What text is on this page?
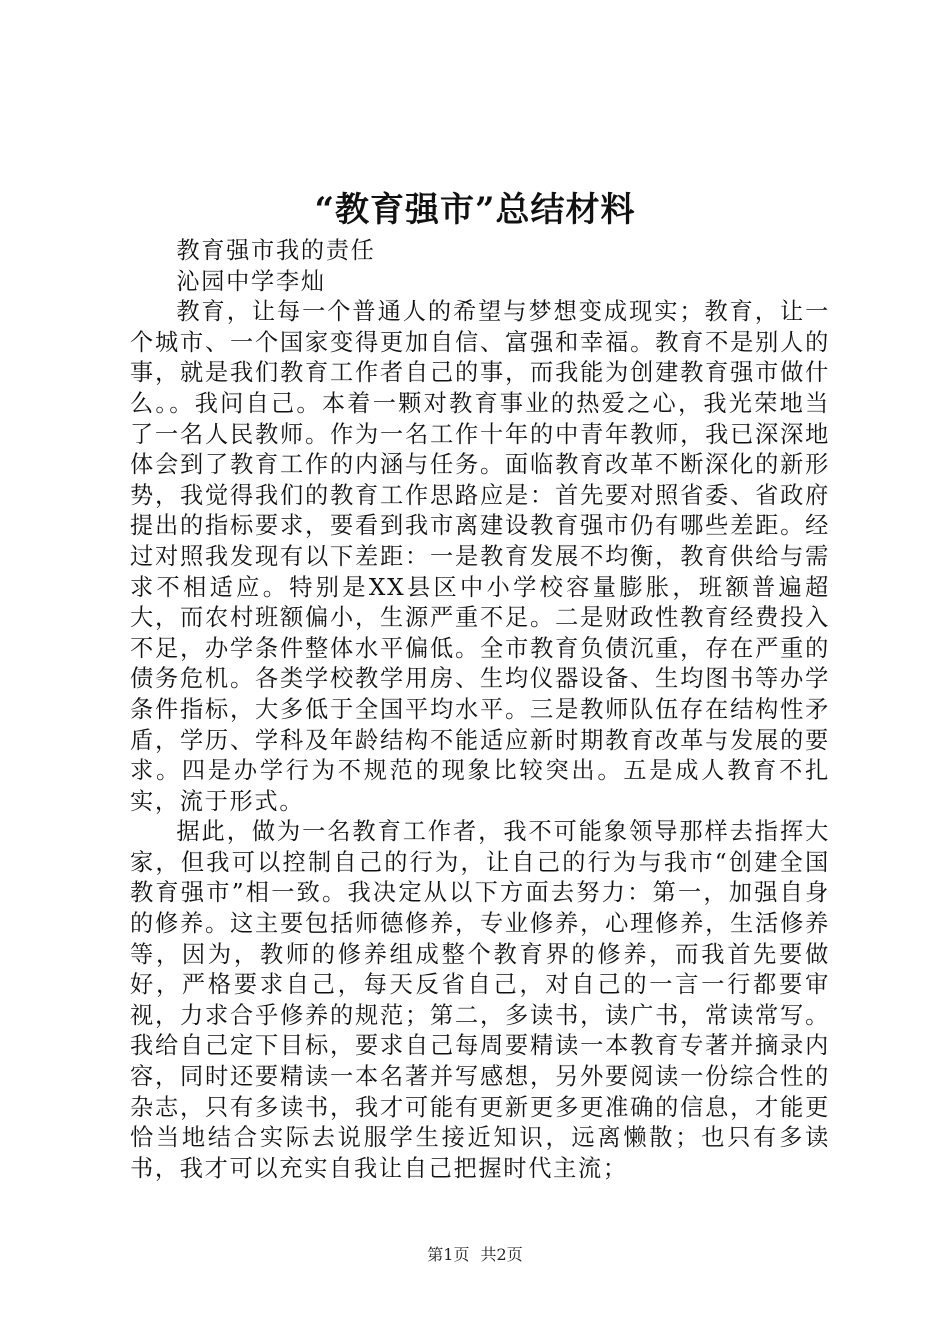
“教育强市”总结材料

教育强市我的责任

沁园中学李灿

教育，让每一个普通人的希望与梦想变成现实；教育，让一个城市、一个国家变得更加自信、富强和幸福。教育不是别人的事，就是我们教育工作者自己的事，而我能为创建教育强市做什么。。我问自己。本着一颗对教育事业的热爱之心，我光荣地当了一名人民教师。作为一名工作十年的中青年教师，我已深深地体会到了教育工作的内涵与任务。面临教育改革不断深化的新形势，我觉得我们的教育工作思路应是：首先要对照省委、省政府提出的指标要求，要看到我市离建设教育强市仍有哪些差距。经过对照我发现有以下差距：一是教育发展不均衡，教育供给与需求不相适应。特别是XX县区中小学校容量膨胀，班额普遍超大，而农村班额偏小，生源严重不足。二是财政性教育经费投入不足，办学条件整体水平偏低。全市教育负债沉重，存在严重的债务危机。各类学校教学用房、生均仪器设备、生均图书等办学条件指标，大多低于全国平均水平。三是教师队伍存在结构性矛盾，学历、学科及年龄结构不能适应新时期教育改革与发展的要求。四是办学行为不规范的现象比较突出。五是成人教育不扎实，流于形式。

据此，做为一名教育工作者，我不可能象领导那样去指挥大家，但我可以控制自己的行为，让自己的行为与我市“创建全国教育强市”相一致。我决定从以下方面去努力：第一，加强自身的修养。这主要包括师德修养，专业修养，心理修养，生活修养等，因为，教师的修养组成整个教育界的修养，而我首先要做好，严格要求自己，每天反省自己，对自己的一言一行都要审视，力求合乎修养的规范；第二，多读书，读广书，常读常写。我给自己定下目标，要求自己每周要精读一本教育专著并摘录内容，同时还要精读一本名著并写感想，另外要阅读一份综合性的杂志，只有多读书，我才可能有更新更多更准确的信息，才能更恰当地结合实际去说服学生接近知识，远离懒散；也只有多读书，我才可以充实自我让自己把握时代主流；

第1页 共2页
